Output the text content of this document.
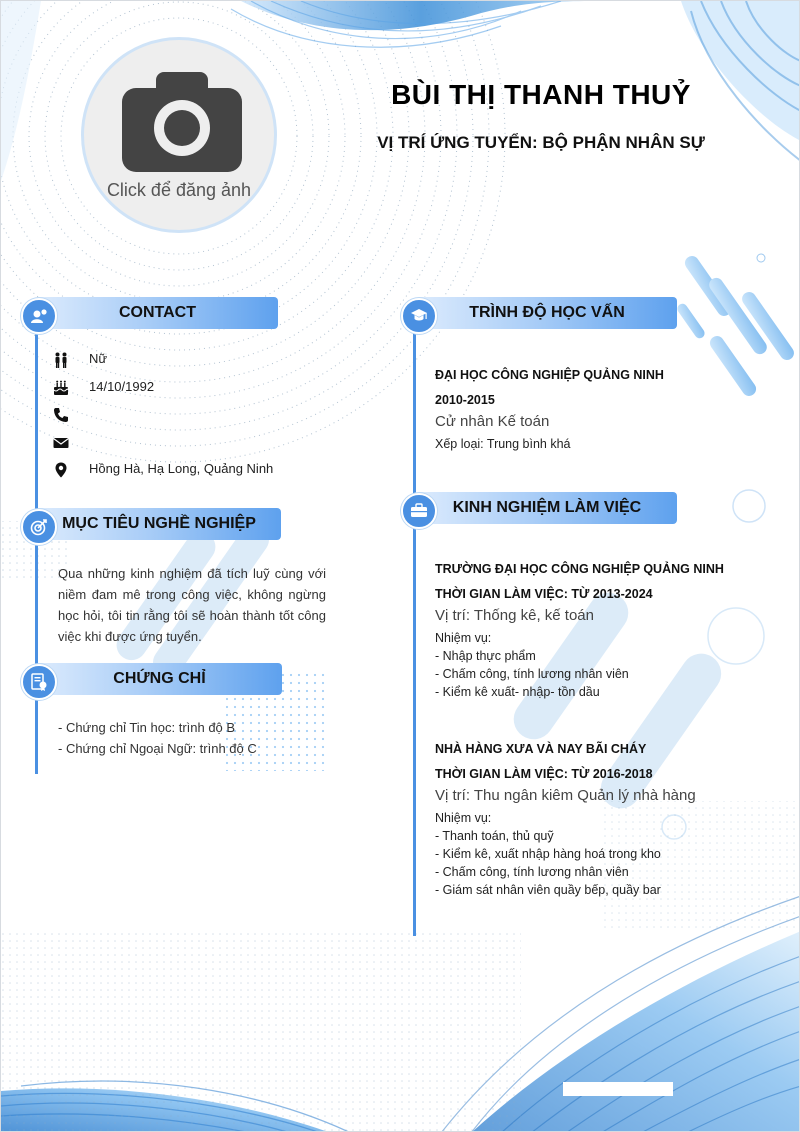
Click để đăng ảnh
BÙI THỊ THANH THUỶ
VỊ TRÍ ỨNG TUYỂN: BỘ PHẬN NHÂN SỰ
CONTACT
Nữ
14/10/1992
Hồng Hà, Hạ Long, Quảng Ninh
MỤC TIÊU NGHỀ NGHIỆP
Qua những kinh nghiệm đã tích luỹ cùng với niềm đam mê trong công việc, không ngừng học hỏi, tôi tin rằng tôi sẽ hoàn thành tốt công việc khi được ứng tuyển.
CHỨNG CHỈ
- Chứng chỉ Tin học: trình độ B
- Chứng chỉ Ngoại Ngữ: trình độ C
TRÌNH ĐỘ HỌC VẤN
ĐẠI HỌC CÔNG NGHIỆP QUẢNG NINH
2010-2015
Cử nhân Kế toán
Xếp loại: Trung bình khá
KINH NGHIỆM LÀM VIỆC
TRƯỜNG ĐẠI HỌC CÔNG NGHIỆP QUẢNG NINH
THỜI GIAN LÀM VIỆC: TỪ 2013-2024
Vị trí: Thống kê, kế toán
Nhiệm vụ:
- Nhập thực phẩm
- Chấm công, tính lương nhân viên
- Kiểm kê xuất- nhập- tồn dầu
NHÀ HÀNG XƯA VÀ NAY BÃI CHÁY
THỜI GIAN LÀM VIỆC: TỪ 2016-2018
Vị trí: Thu ngân kiêm Quản lý nhà hàng
Nhiệm vụ:
- Thanh toán, thủ quỹ
- Kiểm kê, xuất nhập hàng hoá trong kho
- Chấm công, tính lương nhân viên
- Giám sát nhân viên quầy bếp, quầy bar
